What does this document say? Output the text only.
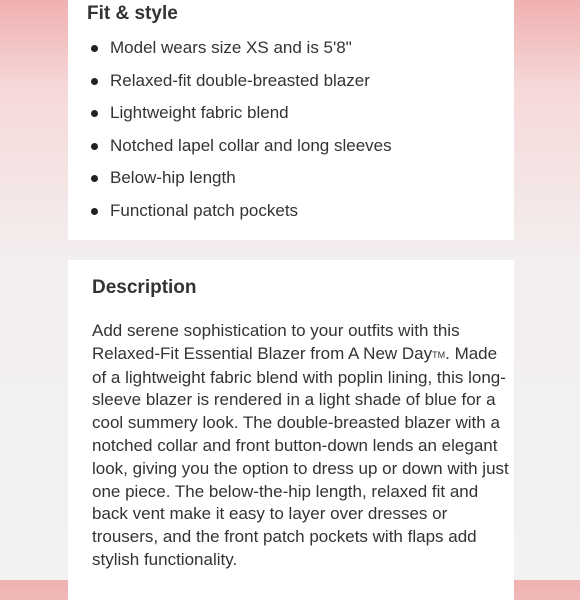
Fit & style
Model wears size XS and is 5'8"
Relaxed-fit double-breasted blazer
Lightweight fabric blend
Notched lapel collar and long sleeves
Below-hip length
Functional patch pockets
Description

Add serene sophistication to your outfits with this Relaxed-Fit Essential Blazer from A New DayTM. Made of a lightweight fabric blend with poplin lining, this long-sleeve blazer is rendered in a light shade of blue for a cool summery look. The double-breasted blazer with a notched collar and front button-down lends an elegant look, giving you the option to dress up or down with just one piece. The below-the-hip length, relaxed fit and back vent make it easy to layer over dresses or trousers, and the front patch pockets with flaps add stylish functionality.
